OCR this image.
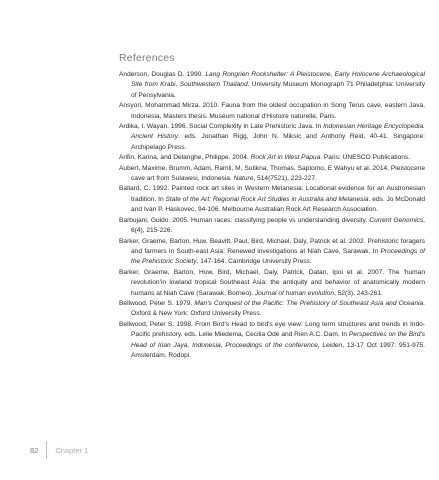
References

Anderson, Douglas D. 1990. Lang Rongrien Rockshelter: A Pleistocene, Early Holocene Archaeological Site from Krabi, Southwestern Thailand. University Museum Monograph 71 Philadelphia: University of Pensylvania.

Ansyori, Mohammad Mirza. 2010. Fauna from the oldest occupation in Song Terus cave, eastern Java, Indonesia, Masters thesis. Muséum national d'Histoire naturelle, Paris.

Ardika, I. Wayan. 1996. Social Complexity in Late Prehistoric Java. In Indonesian Heritage Encyclopedia. Ancient History. eds. Jonathan Rigg, John N. Miksic and Anthony Reid, 40-41. Singapore: Archipelago Press.

Arifin, Karina, and Delanghe, Philippe. 2004. Rock Art in West Papua. Paris: UNESCO Publications.

Aubert, Maxime, Brumm, Adam, Ramli, M, Sutikna, Thomas, Saptomo, E Wahyu et al. 2014. Pleistocene cave art from Sulawesi, Indonesia. Nature, 514(7521), 223-227.

Ballard, C. 1992. Painted rock art sites in Western Melanesia: Locational evidence for an Austronesian tradition. In State of the Art: Regional Rock Art Studies in Australia and Melanesia. eds. Jo McDonald and Ivan P. Haskovec, 94-106. Melbourne Australian Rock Art Research Association.

Barbujani, Guido. 2005. Human races: classifying people vs understanding diversity. Current Genomics, 6(4), 215-226.

Barker, Graeme, Barton, Huw, Beavitt, Paul, Bird, Michael, Daly, Patrick et al. 2002. Prehistoric foragers and farmers in South-east Asia: Renewed investigations at Niah Cave, Sarawak. In Proceedings of the Prehistoric Society. 147-164. Cambridge University Press.

Barker, Graeme, Barton, Huw, Bird, Michael, Daly, Patrick, Datan, Ipoi et al. 2007. The 'human revolution'in lowland tropical Southeast Asia: the antiquity and behavior of anatomically modern humans at Niah Cave (Sarawak, Borneo). Journal of human evolution, 52(3), 243-261.

Bellwood, Peter S. 1979. Man's Conquest of the Pacific: The Prehistory of Southeast Asia and Oceania. Oxford & New York: Oxford University Press.

Bellwood, Peter S. 1998. From Bird's Head to bird's eye view: Long term structures and trends in Indo-Pacific prehistory. eds. Lelie Miedema, Cecilia Odé and Rien A.C. Dam. In Perspectives on the Bird's Head of Irian Jaya, Indonesia, Proceedings of the conference, Leiden, 13-17 Oct 1997: 951-975. Amsterdam. Rodopi.

82 Chapter 1
